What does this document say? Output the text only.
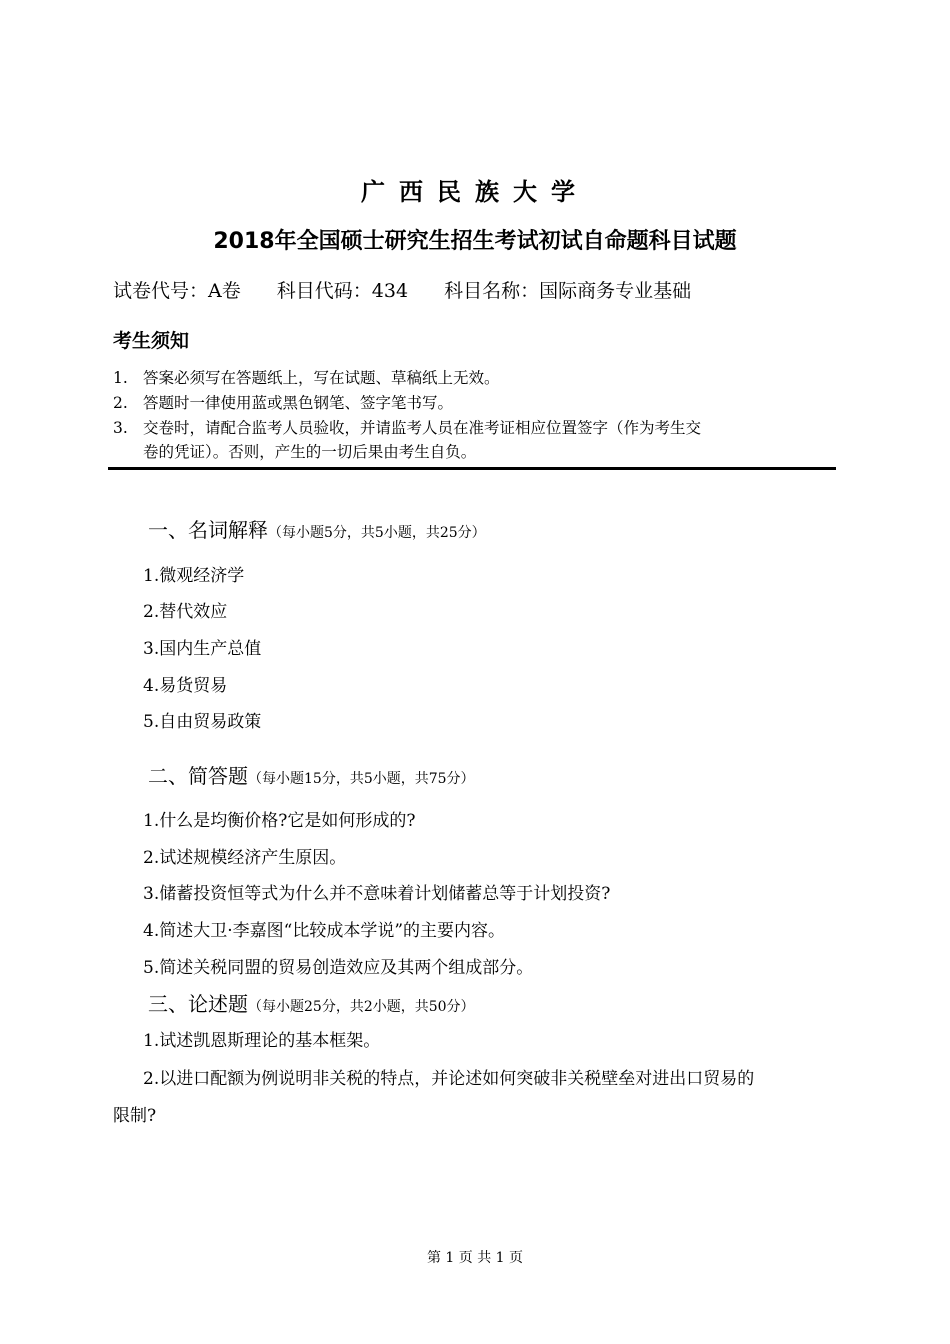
广西民族大学
2018年全国硕士研究生招生考试初试自命题科目试题
试卷代号：A卷 科目代码：434 科目名称：国际商务专业基础
考生须知
1. 答案必须写在答题纸上，写在试题、草稿纸上无效。
2. 答题时一律使用蓝或黑色钢笔、签字笔书写。
3. 交卷时，请配合监考人员验收，并请监考人员在准考证相应位置签字（作为考生交
卷的凭证）。否则，产生的一切后果由考生自负。
一、名词解释（每小题5分，共5小题，共25分）
1.微观经济学
2.替代效应
3.国内生产总值
4.易货贸易
5.自由贸易政策
二、简答题（每小题15分，共5小题，共75分）
1.什么是均衡价格?它是如何形成的?
2.试述规模经济产生原因。
3.储蓄投资恒等式为什么并不意味着计划储蓄总等于计划投资?
4.简述大卫·李嘉图“比较成本学说”的主要内容。
5.简述关税同盟的贸易创造效应及其两个组成部分。
三、论述题（每小题25分，共2小题，共50分）
1.试述凯恩斯理论的基本框架。
2.以进口配额为例说明非关税的特点，并论述如何突破非关税壁垒对进出口贸易的
限制?
第 1 页 共 1 页
